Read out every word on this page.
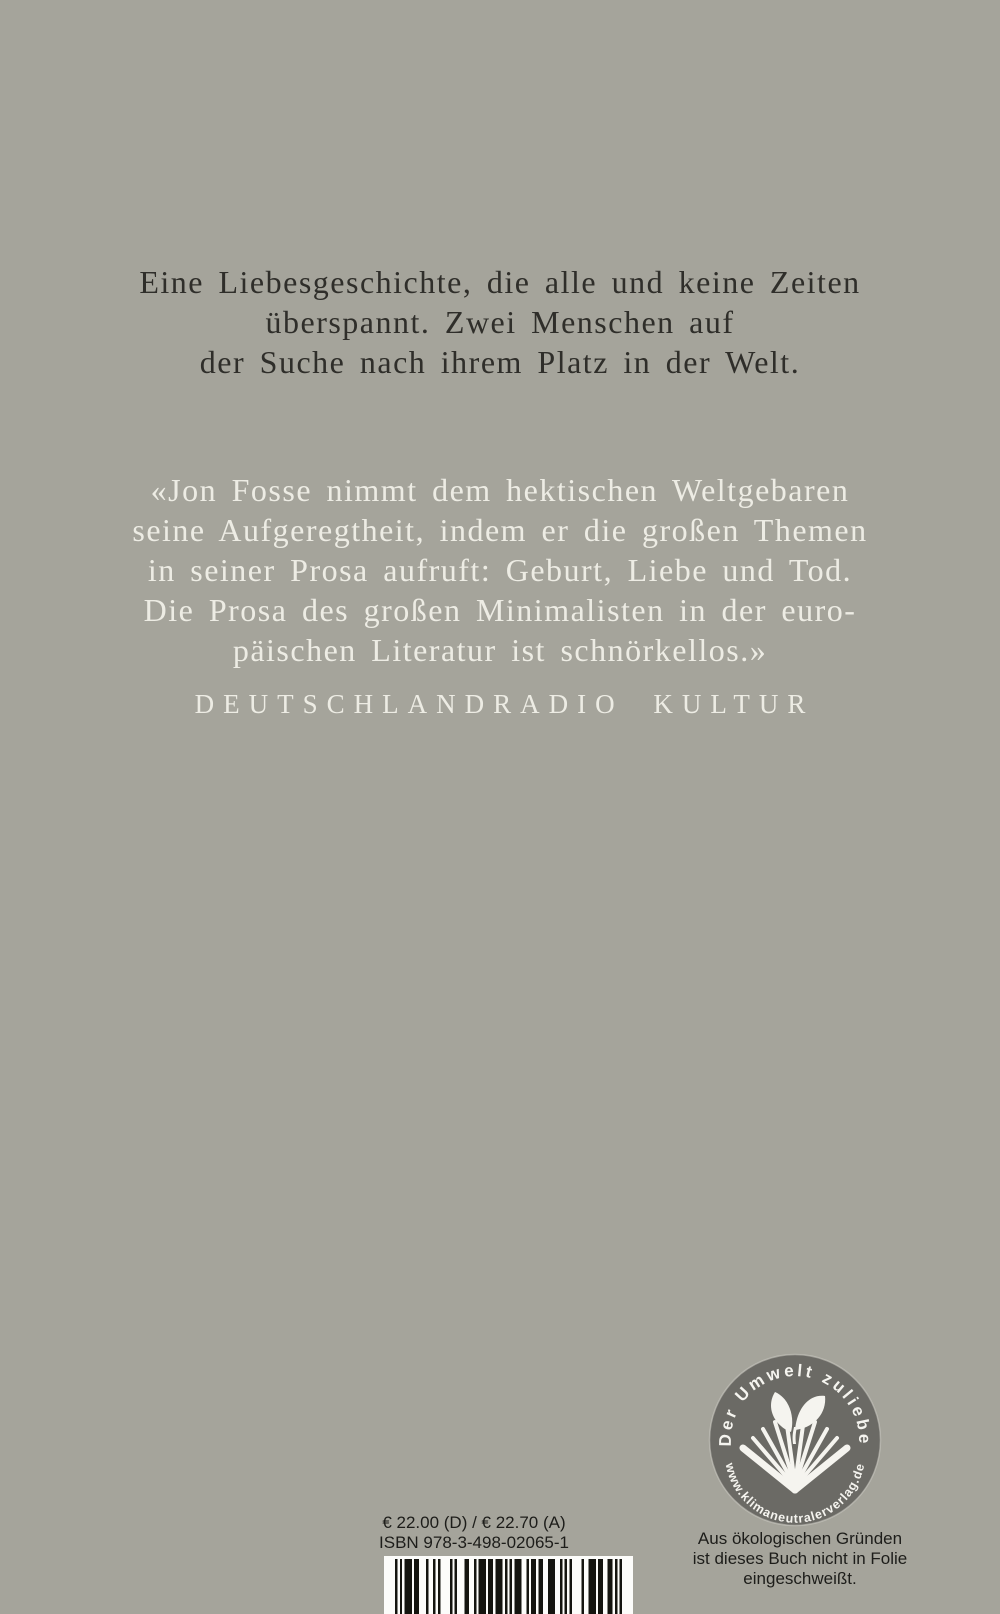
Eine Liebesgeschichte, die alle und keine Zeiten
überspannt. Zwei Menschen auf
der Suche nach ihrem Platz in der Welt.
«Jon Fosse nimmt dem hektischen Weltgebaren
seine Aufgeregtheit, indem er die großen Themen
in seiner Prosa aufruft: Geburt, Liebe und Tod.
Die Prosa des großen Minimalisten in der euro-
päischen Literatur ist schnörkellos.»
DEUTSCHLANDRADIO KULTUR
Der Umwelt zuliebe
www.klimaneutralerverlag.de
€ 22.00 (D) / € 22.70 (A)
ISBN 978-3-498-02065-1	Aus ökologischen Gründen
ist dieses Buch nicht in Folie
eingeschweißt.
